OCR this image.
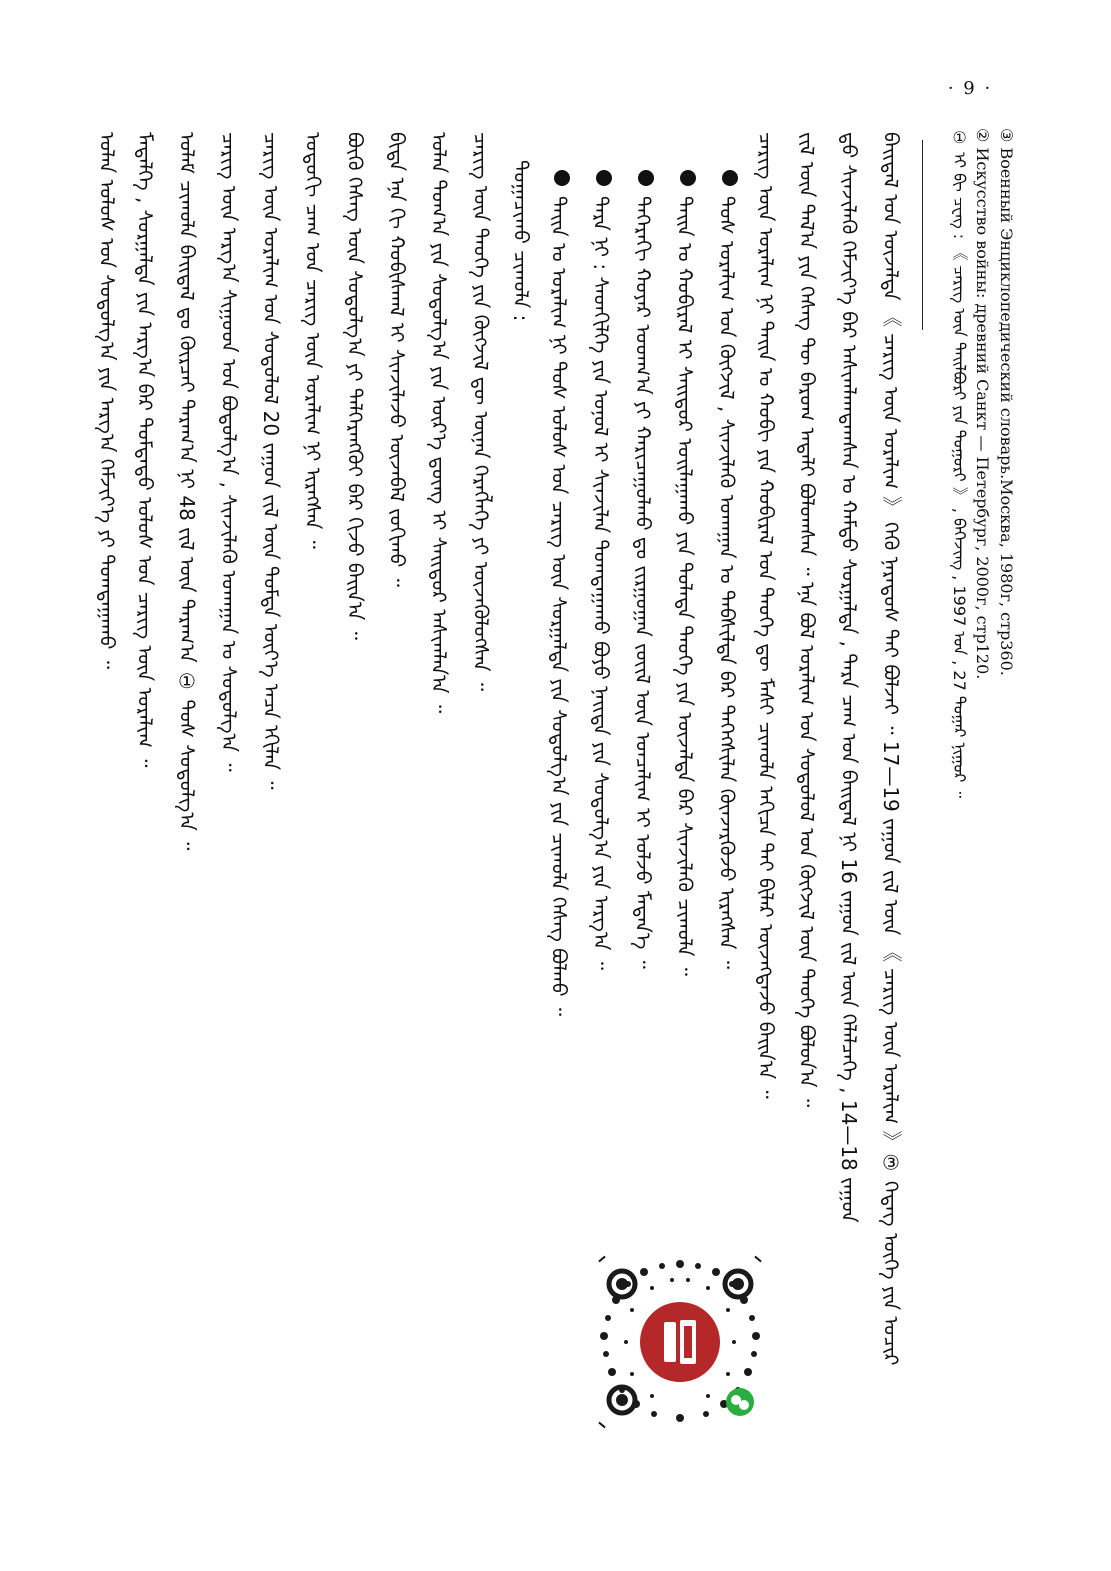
· 9 ·
③ Военный Энциклопедический словарь.Москва, 1980г, стр360.
② Искусство войны: древний Санкт — Петербург, 2000г, стр120.
① ᠡᠶ ᠪᠢ ᠴᠧᠩ : 《 ᠴᠡᠷᠢᠭ ᠦᠨ ᠲᠠᠢᠯᠪᠦᠷᠢ ᠶᠢᠨ ᠲᠣᠭᠣᠷᠢ 》 , ᠪᠡᠭᠡᠵᠢᠩ , 1997 ᠣᠨ , 27 ᠳᠤᠭᠠᠷ ᠨᠢᠭᠤᠷ ᠃
ᠪᠠᠢᠳᠠᠯ ᠤᠨ ᠦᠵᠡᠯᠲᠡ 《 ᠴᠡᠷᠢᠭ ᠦᠨ ᠤᠷᠠᠯᠢᠭ 》 ᠭᠡᠬᠦ ᠨᠡᠷᠡᠳᠦᠰ ᠲᠠᠢ ᠪᠣᠯᠵᠠᠢ ᠃ 17—19 ᠵᠠᠭᠤᠨ ᠵᠢᠯ ᠦᠨ 《 ᠴᠡᠷᠢᠭ ᠦᠨ ᠤᠷᠠᠯᠢᠭ 》③ ᠭᠡᠳᠡᠭ ᠦᠭᠡ ᠶᠢᠨ ᠤᠴᠢᠷ
ᠳ᠋ᠤ ᠰᠢᠨᠵᠢᠯᠡᠬᠦ ᠬᠡᠮᠵᠢᠶ᠎ᠡ ᠪᠡᠷ ᠠᠰᠢᠭᠯᠠᠭᠳᠠᠭᠰᠠᠨ ᠤ ᠬᠠᠮᠲᠤ ᠰᠤᠷᠭᠠᠯᠲᠠ , ᠲᠡᠷᠡ ᠴᠠᠭ ᠤᠨ ᠪᠠᠢᠳᠠᠯ ᠨᠢ 16 ᠵᠠᠭᠤᠨ ᠵᠢᠯ ᠦᠨ ᠬᠡᠯᠡᠯᠴᠡᠭᠡ , 14—18 ᠵᠠᠭᠤᠨ
ᠵᠢᠯ ᠦᠨ ᠲᠠᠯ᠎ᠠ ᠶᠢᠨ ᠬᠡᠰᠡᠭ ᠲᠦ ᠪᠠᠷᠤᠭ ᠠᠳᠠᠯᠢ ᠪᠣᠯᠤᠭᠰᠠᠨ ᠃ ᠡᠨᠡ ᠪᠣᠯ ᠤᠷᠠᠯᠢᠭ ᠤᠨ ᠰᠤᠳᠤᠯᠤᠯ ᠤᠨ ᠬᠦᠭᠵᠢᠯ ᠦᠨ ᠲᠡᠦᠬᠡ ᠪᠣᠯᠤᠨ᠎ᠠ ᠃
ᠴᠡᠷᠢᠭ ᠦᠨ ᠤᠷᠠᠯᠢᠭ ᠨᠢ ᠳᠠᠢᠨ ᠤ ᠬᠤᠪᠢ ᠶᠢᠨ ᠬᠤᠪᠢᠷᠠᠯ ᠤᠨ ᠲᠡᠦᠬᠡ ᠳᠦ ᠮᠠᠰᠢ ᠴᠢᠬᠤᠯᠠ ᠠᠬᠢᠴᠠ ᠲᠠᠢ ᠪᠢᠯᠡᠷ ᠦᠵᠡᠭᠳᠡᠵᠦ ᠪᠠᠢᠨ᠎ᠠ ᠃
ᠳᠤᠰ ᠤᠷᠠᠯᠢᠭ ᠤᠨ ᠬᠥᠭᠵᠢᠯ , ᠰᠢᠨᠵᠢᠯᠡᠬᠦ ᠤᠬᠠᠭᠠᠨ ᠤ ᠳᠡᠪᠰᠢᠯᠲᠡ ᠪᠡᠷ ᠳᠡᠭᠡᠭᠰᠢᠯᠡᠨ ᠭᠦᠨᠵᠡᠷᠭᠦᠵᠦ ᠢᠷᠡᠭᠰᠡᠨ ᠃
ᠳᠠᠢᠨ ᠤ ᠬᠤᠪᠢᠷᠠᠯ ᠢ ᠰᠠᠢᠲᠤᠷ ᠣᠢᠯᠠᠭᠠᠬᠤ ᠶᠢᠨ ᠲᠤᠯᠠᠳᠠ ᠲᠡᠦᠬᠡ ᠶᠢᠨ ᠦᠵᠡᠯᠲᠡ ᠪᠡᠷ ᠰᠢᠨᠵᠢᠯᠡᠬᠦ ᠴᠢᠬᠤᠯᠠ ᠃
ᠳᠡᠭᠡᠷᠡᠬᠢ ᠬᠣᠶᠠᠷ ᠤᠳᠬ᠎ᠠ ᠶᠢ ᠬᠠᠷᠢᠴᠠᠭᠤᠯᠬᠤ ᠳᠤ ᠵᠢᠷᠭᠤᠭᠠᠨ ᠵᠦᠢᠯ ᠦᠨ ᠣᠨᠴᠠᠯᠢᠭ ᠢ ᠣᠯᠵᠤ ᠮᠡᠳᠡᠨ᠎ᠡ ᠃
ᠲᠡᠷᠡ ᠨᠢ : ᠰᠡᠳᠬᠢᠯᠭᠡ ᠶᠢᠨ ᠣᠨᠣᠯ ᠢ ᠰᠢᠨᠵᠢᠯᠡᠨ ᠲᠣᠭᠲᠠᠭᠠᠬᠤ ᠪᠤᠶᠤ ᠨᠡᠢᠲᠡ ᠶᠢᠨ ᠰᠤᠳᠤᠯᠭ᠎ᠠ ᠶᠢᠨ ᠠᠷᠭ᠎ᠠ ᠃
ᠳᠠᠢᠨ ᠤ ᠤᠷᠠᠯᠢᠭ ᠨᠢ ᠲᠤᠰ ᠤᠯᠤᠰ ᠤᠨ ᠴᠡᠷᠢᠭ ᠦᠨ ᠰᠤᠷᠭᠠᠯᠲᠠ ᠶᠢᠨ ᠰᠤᠳᠤᠯᠭ᠎ᠠ ᠶᠢᠨ ᠴᠢᠬᠤᠯᠠ ᠬᠡᠰᠡᠭ ᠪᠣᠯᠬᠤ ᠃
ᠲᠣᠭᠠᠴᠢᠬᠤ ᠴᠢᠬᠤᠯᠠ :
ᠴᠡᠷᠢᠭ ᠦᠨ ᠲᠡᠦᠬᠡ ᠶᠢᠨ ᠬᠥᠭᠵᠢᠯ ᠳᠦ ᠦᠨᠡᠨ ᠬᠡᠷᠡᠭᠯᠡᠭᠡ ᠶᠢ ᠦᠵᠡᠭᠦᠯᠦᠭᠰᠡᠨ ᠃
ᠣᠯᠠᠨ ᠲᠣᠭ᠎ᠠ ᠶᠢᠨ ᠰᠤᠳᠤᠯᠭ᠎ᠠ ᠶᠢᠨ ᠦᠷ᠎ᠡ ᠳ᠋ᠦᠩ ᠢ ᠰᠠᠢᠲᠤᠷ ᠠᠰᠢᠭᠯᠠᠨ᠎ᠠ ᠃
ᠪᠢᠳᠡ ᠡᠨᠡ ᠬᠢ ᠬᠤᠪᠢᠰᠬᠠᠯ ᠢ ᠰᠢᠨᠵᠢᠯᠡᠵᠦ ᠦᠵᠡᠪᠡᠯ ᠵᠣᠬᠢᠬᠤ ᠃
ᠪᠦᠬᠦ ᠬᠡᠰᠡᠭ ᠦᠨ ᠰᠤᠳᠤᠯᠭ᠎ᠠ ᠶᠢ ᠳᠡᠯᠭᠡᠷᠡᠩᠭᠦᠢ ᠪᠡᠷ ᠬᠢᠵᠦ ᠪᠠᠢᠨ᠎ᠠ ᠃
ᠣᠳᠣᠬᠢ ᠴᠠᠭ ᠤᠨ ᠴᠡᠷᠢᠭ ᠦᠨ ᠤᠷᠠᠯᠢᠭ ᠨᠢ ᠢᠷᠡᠭᠰᠡᠨ ᠃
ᠴᠡᠷᠢᠭ ᠦᠨ ᠤᠷᠠᠯᠢᠭ ᠤᠨ ᠰᠤᠳᠤᠯᠤᠯ 20 ᠵᠠᠭᠤᠨ ᠵᠢᠯ ᠦᠨ ᠳᠤᠮᠳᠠ ᠦᠶ᠎ᠡ ᠠᠴᠠ ᠡᠬᠢᠯᠡᠨ ᠃
ᠴᠡᠷᠢᠭ ᠦᠨ ᠠᠷᠭ᠎ᠠ ᠰᠢᠭᠤᠳ ᠤᠨ ᠪᠣᠳᠤᠯᠭ᠎ᠠ , ᠰᠢᠨᠵᠢᠯᠡᠬᠦ ᠤᠬᠠᠭᠠᠨ ᠤ ᠰᠤᠳᠤᠯᠭ᠎ᠠ ᠃
ᠤᠯᠠᠮ ᠴᠢᠬᠤᠯᠠ ᠪᠠᠢᠳᠠᠯ ᠳᠤ ᠬᠦᠷᠴᠡᠢ ᠳᠠᠷᠠᠭ᠎ᠠ ᠨᠢ 48 ᠵᠢᠯ ᠦᠨ ᠳᠠᠷᠠᠭ᠎ᠠ ① ᠲᠤᠰ ᠰᠤᠳᠤᠯᠭ᠎ᠠ ᠃
ᠮᠡᠳᠡᠯᠭᠡ , ᠰᠤᠷᠭᠠᠯᠲᠠ ᠶᠢᠨ ᠠᠷᠭ᠎ᠠ ᠪᠡᠷ ᠳᠤᠮᠳᠠᠳᠤ ᠤᠯᠤᠰ ᠤᠨ ᠴᠡᠷᠢᠭ ᠦᠨ ᠤᠷᠠᠯᠢᠭ ᠃
ᠣᠯᠠᠨ ᠤᠯᠤᠰ ᠤᠨ ᠰᠤᠳᠤᠯᠭ᠎ᠠ ᠶᠢᠨ ᠠᠷᠭ᠎ᠠ ᠬᠡᠮᠵᠢᠶ᠎ᠡ ᠶᠢ ᠲᠣᠭᠲᠠᠭᠠᠬᠤ ᠃
